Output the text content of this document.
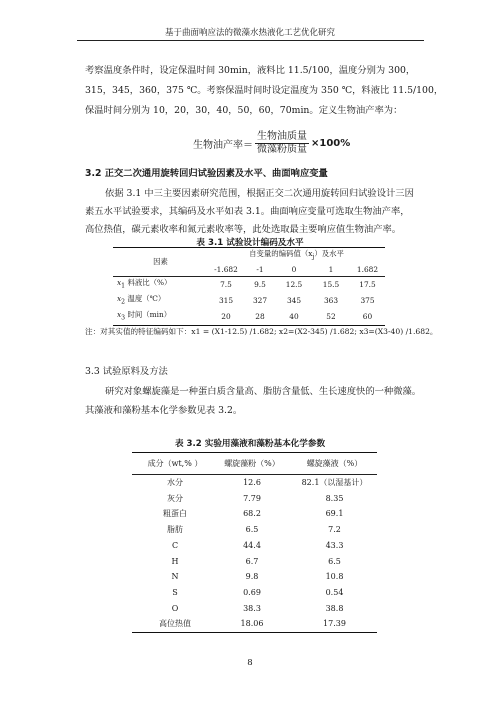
基于曲面响应法的微藻水热液化工艺优化研究
考察温度条件时，设定保温时间 30min，液料比 11.5/100，温度分别为 300，
315，345，360，375 ℃。考察保温时间时设定温度为 350 ℃，料液比 11.5/100，
保温时间分别为 10，20，30，40，50，60，70min。定义生物油产率为：
生物油产率＝ $\frac{\text{生物油质量}}{\text{微藻粉质量}} \times 100\%$
3.2 正交二次通用旋转回归试验因素及水平、曲面响应变量
依据 3.1 中三主要因素研究范围，根据正交二次通用旋转回归试验设计三因
素五水平试验要求，其编码及水平如表 3.1。曲面响应变量可选取生物油产率，
高位热值，碳元素收率和氮元素收率等，此处选取最主要响应值生物油产率。
表 3.1 试验设计编码及水平
因素	自变量的编码值$(x_j)$及水平				
	-1.682	-1	0	1	1.682
$x_1$ 料液比（%）	7.5	9.5	12.5	15.5	17.5
$x_2$ 温度（℃）	315	327	345	363	375
$x_3$ 时间（min）	20	28	40	52	60
注：对其实值的特征编码如下：x1 = (X1-12.5) /1.682; x2=(X2-345) /1.682; x3=(X3-40) /1.682。
3.3 试验原料及方法
研究对象螺旋藻是一种蛋白质含量高、脂肪含量低、生长速度快的一种微藻。
其藻液和藻粉基本化学参数见表 3.2。
表 3.2 实验用藻液和藻粉基本化学参数
成分（wt,% ）	螺旋藻粉（%）	螺旋藻液（%）
水分	12.6	82.1（以湿基计）
灰分	7.79	8.35
粗蛋白	68.2	69.1
脂肪	6.5	7.2
C	44.4	43.3
H	6.7	6.5
N	9.8	10.8
S	0.69	0.54
O	38.3	38.8
高位热值	18.06	17.39
8
